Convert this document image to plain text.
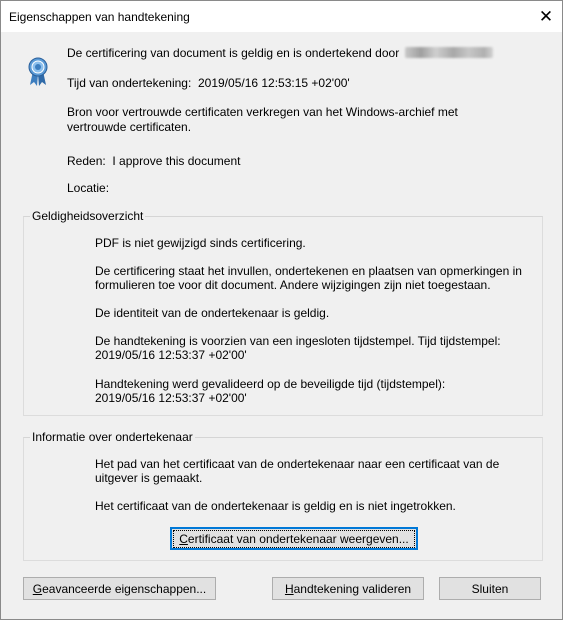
Eigenschappen van handtekening	✕
De certificering van document is geldig en is ondertekend door
Tijd van ondertekening: 2019/05/16 12:53:15 +02'00'
Bron voor vertrouwde certificaten verkregen van het Windows-archief met
vertrouwde certificaten.
Reden: I approve this document
Locatie:
Geldigheidsoverzicht
PDF is niet gewijzigd sinds certificering.
De certificering staat het invullen, ondertekenen en plaatsen van opmerkingen in
formulieren toe voor dit document. Andere wijzigingen zijn niet toegestaan.
De identiteit van de ondertekenaar is geldig.
De handtekening is voorzien van een ingesloten tijdstempel. Tijd tijdstempel:
2019/05/16 12:53:37 +02'00'
Handtekening werd gevalideerd op de beveiligde tijd (tijdstempel):
2019/05/16 12:53:37 +02'00'
Informatie over ondertekenaar
Het pad van het certificaat van de ondertekenaar naar een certificaat van de
uitgever is gemaakt.
Het certificaat van de ondertekenaar is geldig en is niet ingetrokken.
Certificaat van ondertekenaar weergeven...
Geavanceerde eigenschappen...	Handtekening valideren	Sluiten
